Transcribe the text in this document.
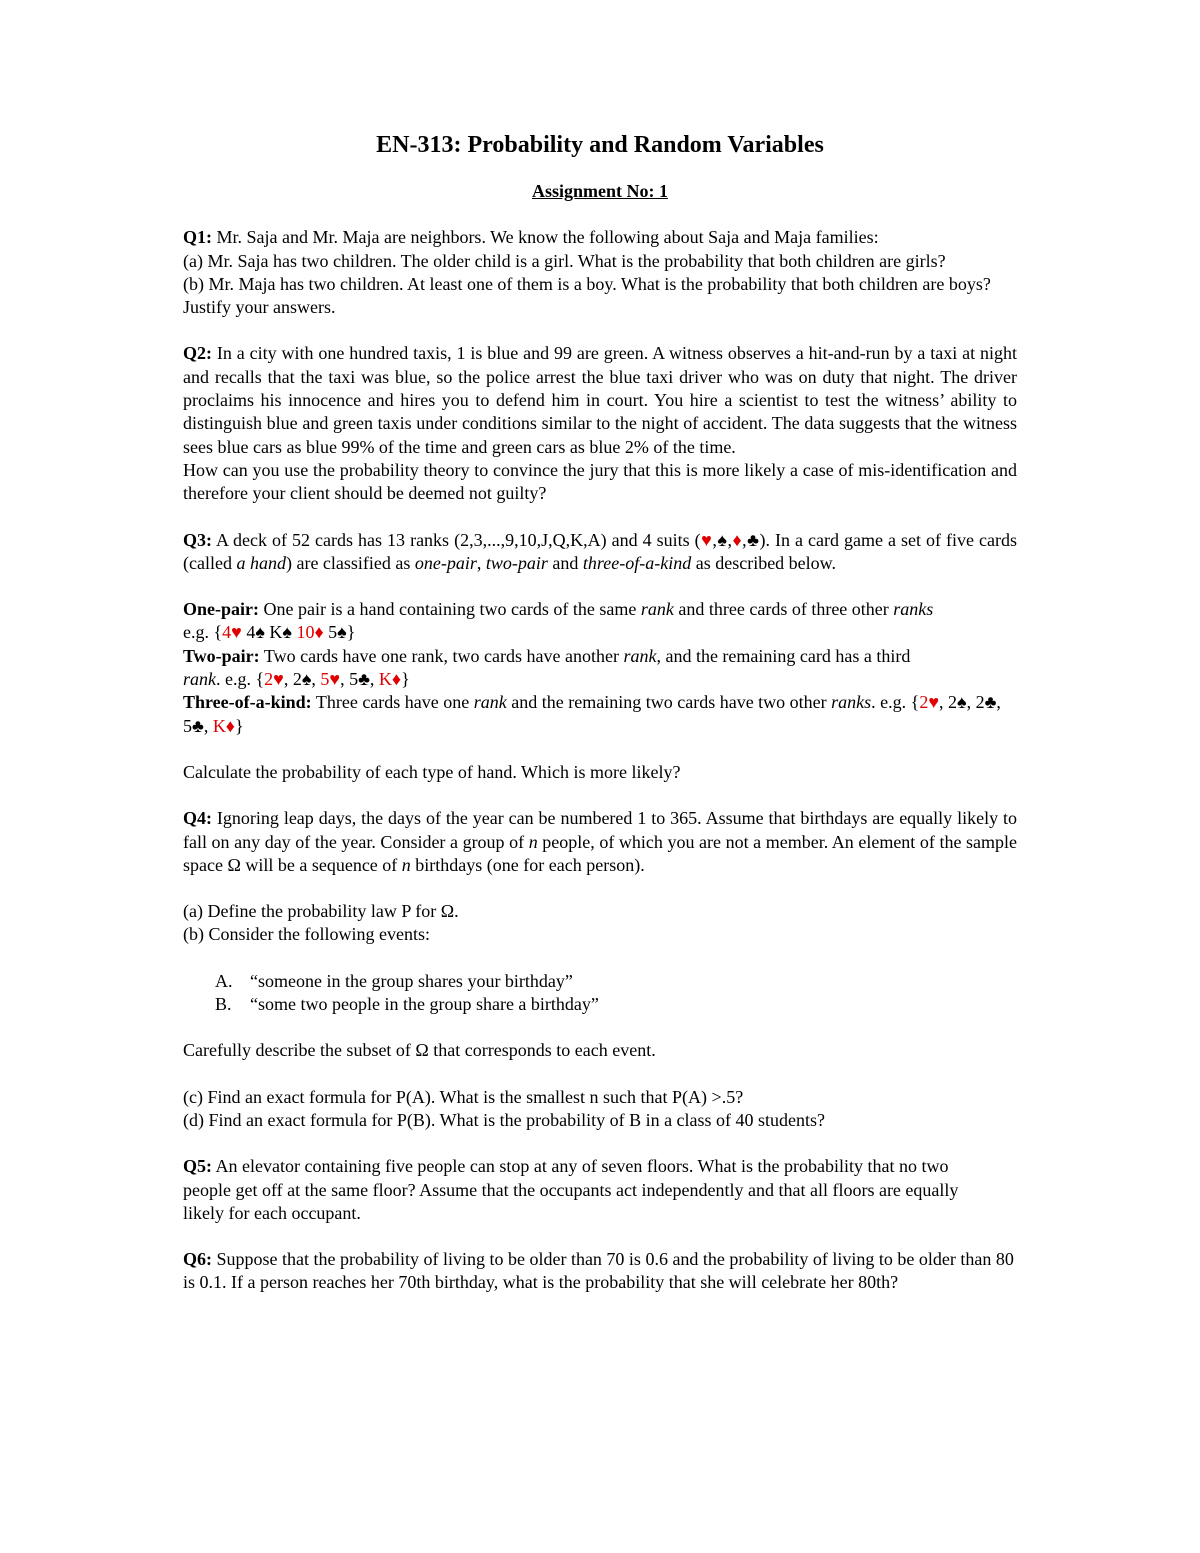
EN-313: Probability and Random Variables
Assignment No: 1

Q1: Mr. Saja and Mr. Maja are neighbors. We know the following about Saja and Maja families:

(a) Mr. Saja has two children. The older child is a girl. What is the probability that both children are girls?

(b) Mr. Maja has two children. At least one of them is a boy. What is the probability that both children are boys?

Justify your answers.

Q2: In a city with one hundred taxis, 1 is blue and 99 are green. A witness observes a hit-and-run by a taxi at night and recalls that the taxi was blue, so the police arrest the blue taxi driver who was on duty that night. The driver proclaims his innocence and hires you to defend him in court. You hire a scientist to test the witness’ ability to distinguish blue and green taxis under conditions similar to the night of accident. The data suggests that the witness sees blue cars as blue 99% of the time and green cars as blue 2% of the time.

How can you use the probability theory to convince the jury that this is more likely a case of mis-identification and therefore your client should be deemed not guilty?

Q3: A deck of 52 cards has 13 ranks (2,3,...,9,10,J,Q,K,A) and 4 suits (♥,♠,♦,♣). In a card game a set of five cards (called a hand) are classified as one-pair, two-pair and three-of-a-kind as described below.

One-pair: One pair is a hand containing two cards of the same rank and three cards of three other ranks

e.g. {4♥ 4♠ K♠ 10♦ 5♠}

Two-pair: Two cards have one rank, two cards have another rank, and the remaining card has a third
rank. e.g. {2♥, 2♠, 5♥, 5♣, K♦}

Three-of-a-kind: Three cards have one rank and the remaining two cards have two other ranks. e.g. {2♥, 2♠, 2♣, 5♣, K♦}

Calculate the probability of each type of hand. Which is more likely?

Q4: Ignoring leap days, the days of the year can be numbered 1 to 365. Assume that birthdays are equally likely to fall on any day of the year. Consider a group of n people, of which you are not a member. An element of the sample space Ω will be a sequence of n birthdays (one for each person).

(a) Define the probability law P for Ω.

(b) Consider the following events:

A. “someone in the group shares your birthday”
B.	“some two people in the group share a birthday”

Carefully describe the subset of Ω that corresponds to each event.

(c) Find an exact formula for P(A). What is the smallest n such that P(A) >.5?

(d) Find an exact formula for P(B). What is the probability of B in a class of 40 students?

Q5: An elevator containing five people can stop at any of seven floors. What is the probability that no two people get off at the same floor? Assume that the occupants act independently and that all floors are equally likely for each occupant.

Q6: Suppose that the probability of living to be older than 70 is 0.6 and the probability of living to be older than 80 is 0.1. If a person reaches her 70th birthday, what is the probability that she will celebrate her 80th?
